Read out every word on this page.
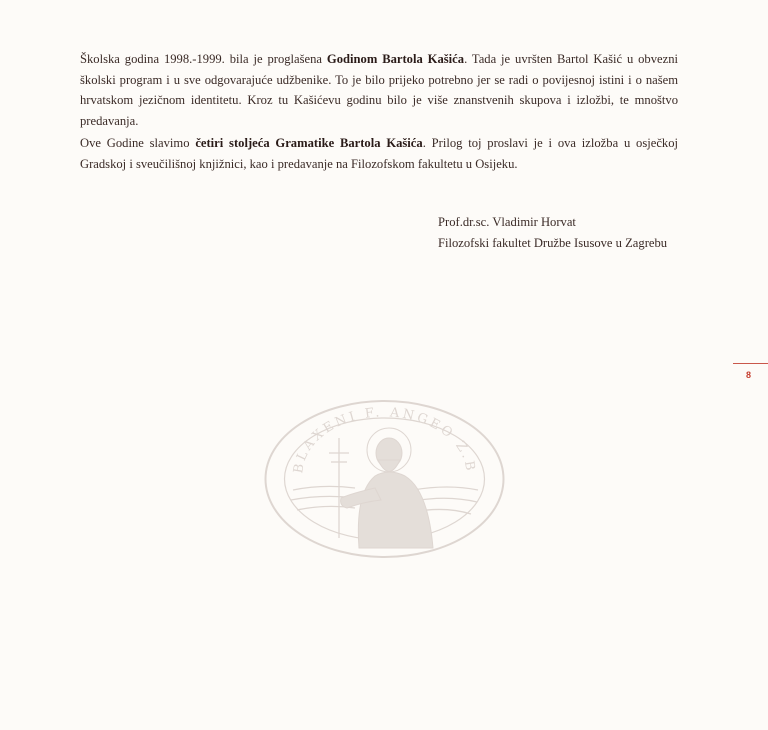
Školska godina 1998.-1999. bila je proglašena Godinom Bartola Kašića. Tada je uvršten Bartol Kašić u obvezni školski program i u sve odgovarajuće udžbenike. To je bilo prijeko potrebno jer se radi o povijesnoj istini i o našem hrvatskom jezičnom identitetu. Kroz tu Kašićevu godinu bilo je više znanstvenih skupova i izložbi, te mnoštvo predavanja.

Ove Godine slavimo četiri stoljeća Gramatike Bartola Kašića. Prilog toj proslavi je i ova izložba u osječkoj Gradskoj i sveučilišnoj knjižnici, kao i predavanje na Filozofskom fakultetu u Osijeku.

Prof.dr.sc. Vladimir Horvat
Filozofski fakultet Družbe Isusove u Zagrebu
8
BLAXENI F. ANGEO Z.B
